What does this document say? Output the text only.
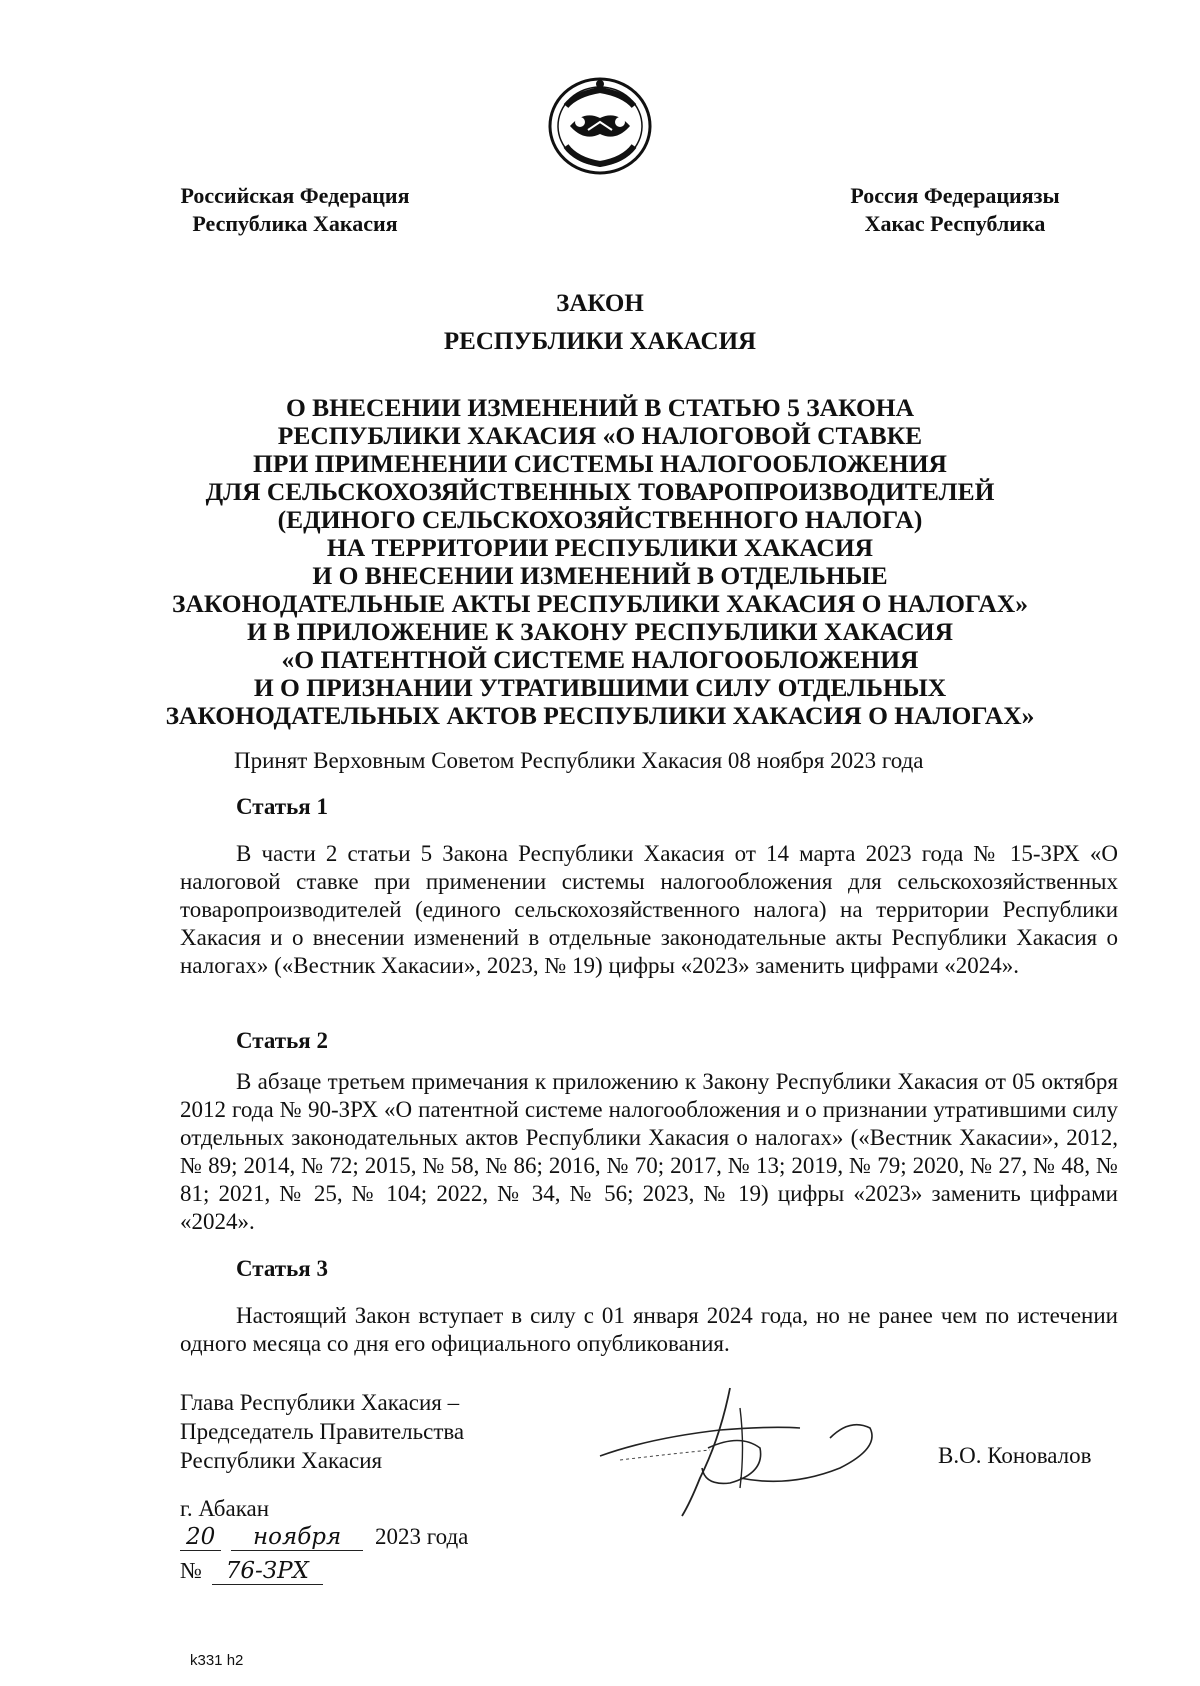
Российская Федерация
Республика Хакасия
Россия Федерациязы
Хакас Республика
ЗАКОН
РЕСПУБЛИКИ ХАКАСИЯ
О ВНЕСЕНИИ ИЗМЕНЕНИЙ В СТАТЬЮ 5 ЗАКОНА
РЕСПУБЛИКИ ХАКАСИЯ «О НАЛОГОВОЙ СТАВКЕ
ПРИ ПРИМЕНЕНИИ СИСТЕМЫ НАЛОГООБЛОЖЕНИЯ
ДЛЯ СЕЛЬСКОХОЗЯЙСТВЕННЫХ ТОВАРОПРОИЗВОДИТЕЛЕЙ
(ЕДИНОГО СЕЛЬСКОХОЗЯЙСТВЕННОГО НАЛОГА)
НА ТЕРРИТОРИИ РЕСПУБЛИКИ ХАКАСИЯ
И О ВНЕСЕНИИ ИЗМЕНЕНИЙ В ОТДЕЛЬНЫЕ
ЗАКОНОДАТЕЛЬНЫЕ АКТЫ РЕСПУБЛИКИ ХАКАСИЯ О НАЛОГАХ»
И В ПРИЛОЖЕНИЕ К ЗАКОНУ РЕСПУБЛИКИ ХАКАСИЯ
«О ПАТЕНТНОЙ СИСТЕМЕ НАЛОГООБЛОЖЕНИЯ
И О ПРИЗНАНИИ УТРАТИВШИМИ СИЛУ ОТДЕЛЬНЫХ
ЗАКОНОДАТЕЛЬНЫХ АКТОВ РЕСПУБЛИКИ ХАКАСИЯ О НАЛОГАХ»
Принят Верховным Советом Республики Хакасия 08 ноября 2023 года
Статья 1
В части 2 статьи 5 Закона Республики Хакасия от 14 марта 2023 года № 15-ЗРХ «О налоговой ставке при применении системы налогообложения для сельскохозяйственных товаропроизводителей (единого сельскохозяйственного налога) на территории Республики Хакасия и о внесении изменений в отдельные законодательные акты Республики Хакасия о налогах» («Вестник Хакасии», 2023, № 19) цифры «2023» заменить цифрами «2024».
Статья 2
В абзаце третьем примечания к приложению к Закону Республики Хакасия от 05 октября 2012 года № 90-ЗРХ «О патентной системе налогообложения и о признании утратившими силу отдельных законодательных актов Республики Хакасия о налогах» («Вестник Хакасии», 2012, № 89; 2014, № 72; 2015, № 58, № 86; 2016, № 70; 2017, № 13; 2019, № 79; 2020, № 27, № 48, № 81; 2021, № 25, № 104; 2022, № 34, № 56; 2023, № 19) цифры «2023» заменить цифрами «2024».
Статья 3
Настоящий Закон вступает в силу с 01 января 2024 года, но не ранее чем по истечении одного месяца со дня его официального опубликования.
Глава Республики Хакасия –
Председатель Правительства
Республики Хакасия	В.О. Коновалов
г. Абакан
20 ноября 2023 года
№ 76-ЗРХ
k331 h2
